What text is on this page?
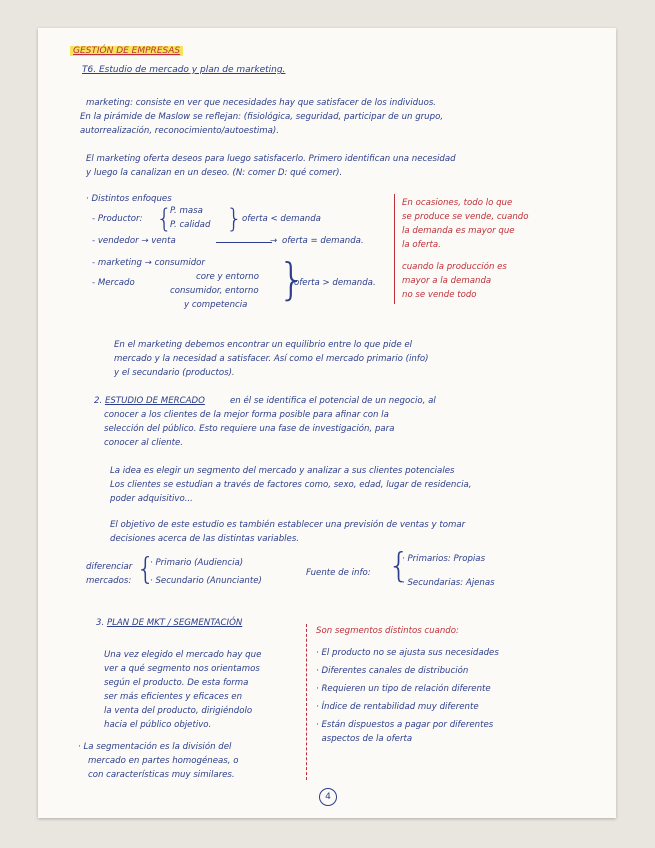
GESTIÓN DE EMPRESAS

T6. Estudio de mercado y plan de marketing.

marketing: consiste en ver que necesidades hay que satisfacer de los individuos.

En la pirámide de Maslow se reflejan: (fisiológica, seguridad, participar de un grupo,

autorrealización, reconocimiento/autoestima).

El marketing oferta deseos para luego satisfacerlo. Primero identifican una necesidad

y luego la canalizan en un deseo. (N: comer D: qué comer).

· Distintos enfoques

- Productor: {

P. masa

P. calidad } oferta < demanda

- vendedor → venta	→ oferta = demanda.

- marketing → consumidor

core y entorno

- Mercado

consumidor, entorno

y competencia }

oferta > demanda.

En ocasiones, todo lo que

se produce se vende, cuando

la demanda es mayor que

la oferta.

cuando la producción es

mayor a la demanda

no se vende todo

En el marketing debemos encontrar un equilibrio entre lo que pide el

mercado y la necesidad a satisfacer. Así como el mercado primario (info)

y el secundario (productos).

2. ESTUDIO DE MERCADO	en él se identifica el potencial de un negocio, al

conocer a los clientes de la mejor forma posible para afinar con la

selección del público. Esto requiere una fase de investigación, para

conocer al cliente.

La idea es elegir un segmento del mercado y analizar a sus clientes potenciales

Los clientes se estudian a través de factores como, sexo, edad, lugar de residencia,

poder adquisitivo...

El objetivo de este estudio es también establecer una previsión de ventas y tomar

decisiones acerca de las distintas variables.

diferenciar

mercados: {

· Primario (Audiencia)

· Secundario (Anunciante)

Fuente de info: {

· Primarios: Propias

· Secundarias: Ajenas

3. PLAN DE MKT / SEGMENTACIÓN

Una vez elegido el mercado hay que

ver a qué segmento nos orientamos

según el producto. De esta forma

ser más eficientes y eficaces en

la venta del producto, dirigiéndolo

hacia el público objetivo.

· La segmentación es la división del

mercado en partes homogéneas, o

con características muy similares.

Son segmentos distintos cuando:

· El producto no se ajusta sus necesidades

· Diferentes canales de distribución

· Requieren un tipo de relación diferente

· Índice de rentabilidad muy diferente

· Están dispuestos a pagar por diferentes

aspectos de la oferta

4
